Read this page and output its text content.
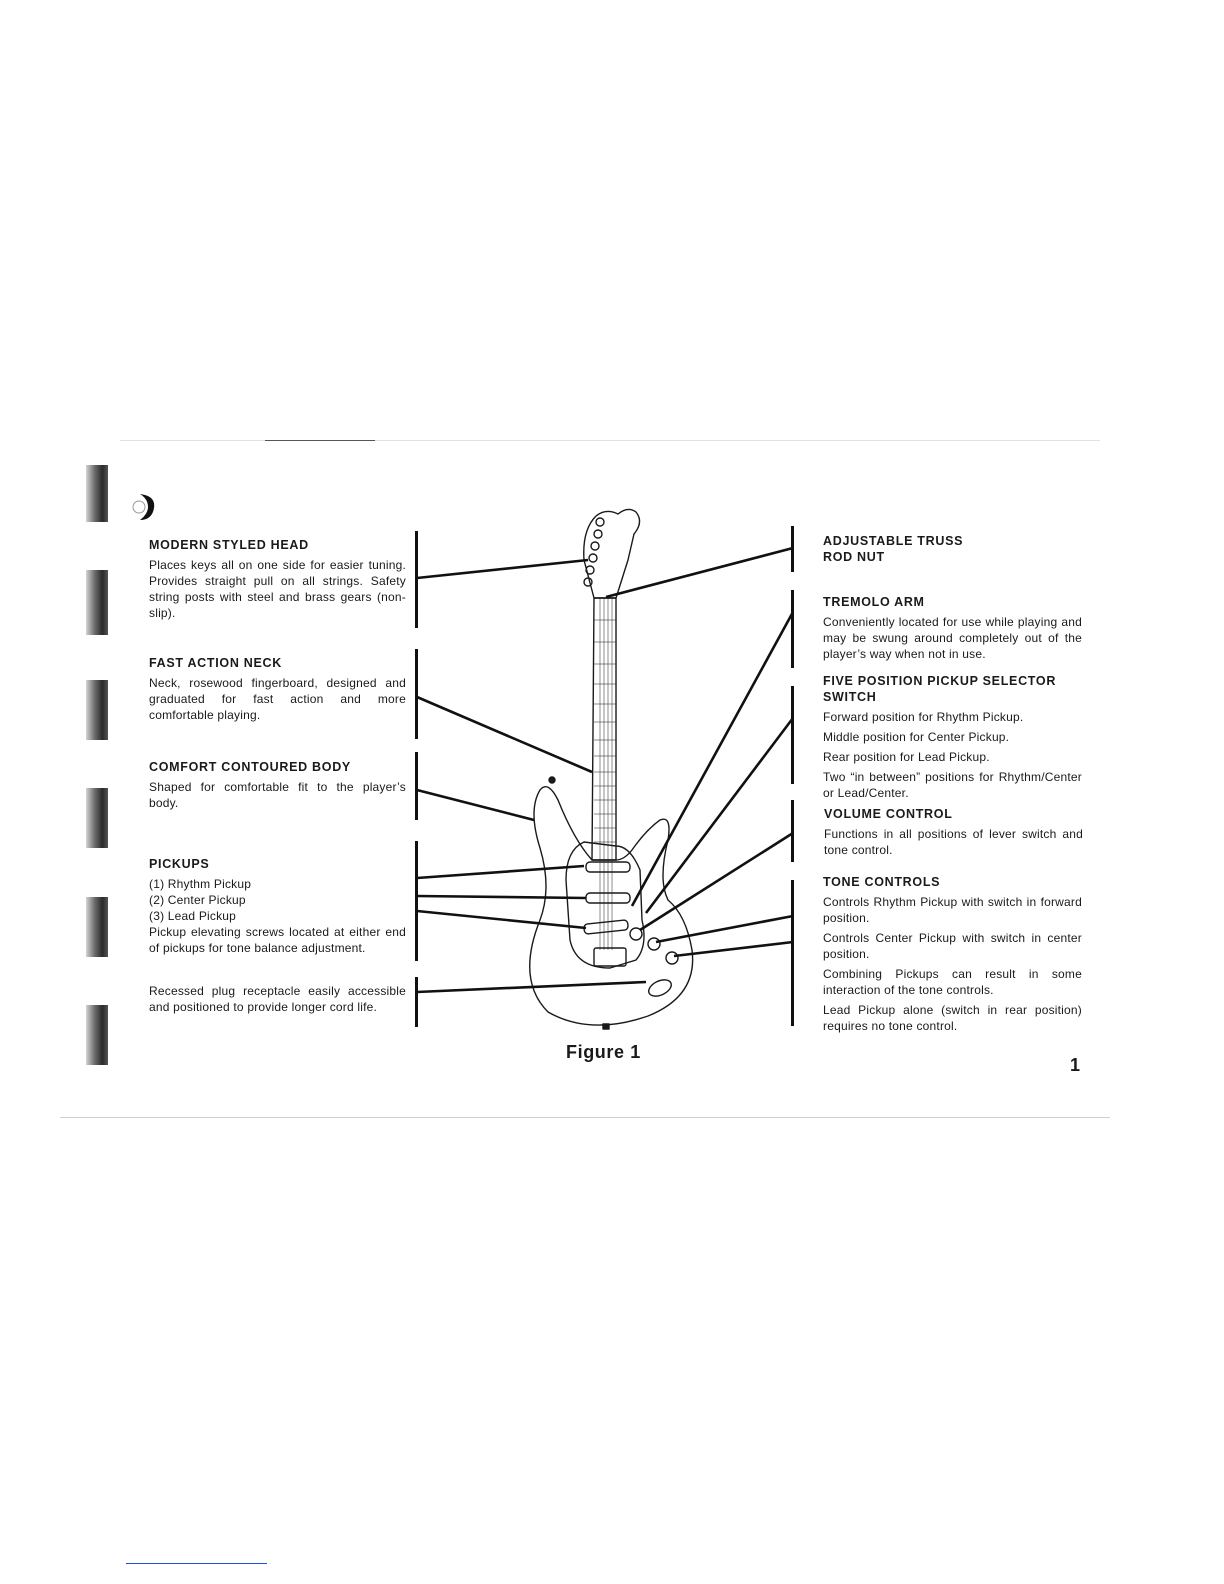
MODERN STYLED HEAD
Places keys all on one side for easier tuning. Provides straight pull on all strings. Safety string posts with steel and brass gears (non-slip).
FAST ACTION NECK
Neck, rosewood fingerboard, designed and graduated for fast action and more comfortable playing.
COMFORT CONTOURED BODY
Shaped for comfortable fit to the player’s body.
PICKUPS
(1) Rhythm Pickup
(2) Center Pickup
(3) Lead Pickup
Pickup elevating screws located at either end of pickups for tone balance adjustment.
Recessed plug receptacle easily accessible and positioned to provide longer cord life.
ADJUSTABLE TRUSS
ROD NUT
TREMOLO ARM
Conveniently located for use while playing and may be swung around completely out of the player’s way when not in use.
FIVE POSITION PICKUP SELECTOR
SWITCH

Forward position for Rhythm Pickup.

Middle position for Center Pickup.

Rear position for Lead Pickup.

Two “in between” positions for Rhythm/Center or Lead/Center.

VOLUME CONTROL
Functions in all positions of lever switch and tone control.
TONE CONTROLS

Controls Rhythm Pickup with switch in forward position.

Controls Center Pickup with switch in center position.

Combining Pickups can result in some interaction of the tone controls.

Lead Pickup alone (switch in rear position) requires no tone control.

Figure 1
1
